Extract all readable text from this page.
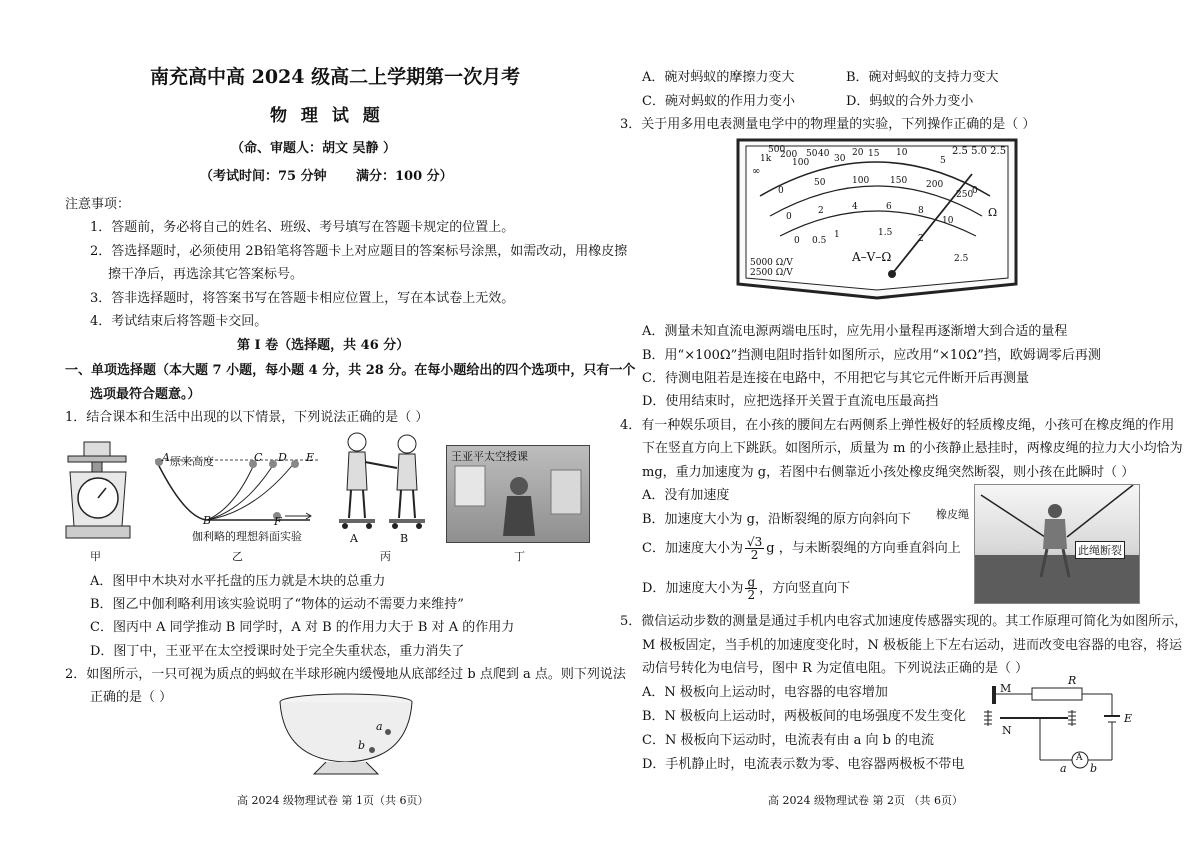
南充高中高 2024 级高二上学期第一次月考
物 理 试 题
（命、审题人：胡文 吴静 ）
（考试时间：75 分钟 满分：100 分）
注意事项：
1．答题前，务必将自己的姓名、班级、考号填写在答题卡规定的位置上。
2．答选择题时，必须使用 2B铅笔将答题卡上对应题目的答案标号涂黑，如需改动，用橡皮擦
擦干净后，再选涂其它答案标号。
3．答非选择题时，将答案书写在答题卡相应位置上，写在本试卷上无效。
4．考试结束后将答题卡交回。
第 I 卷（选择题，共 46 分）
一、单项选择题（本大题 7 小题，每小题 4 分，共 28 分。在每小题给出的四个选项中，只有一个
选项最符合题意。）
1．结合课本和生活中出现的以下情景，下列说法正确的是（ ）
甲
A 原来高度	C D E
B	F
伽利略的理想斜面实验
乙
A	B
丙
王亚平太空授课
丁
A．图甲中木块对水平托盘的压力就是木块的总重力
B．图乙中伽利略利用该实验说明了“物体的运动不需要力来维持”
C．图丙中 A 同学推动 B 同学时，A 对 B 的作用力大于 B 对 A 的作用力
D．图丁中，王亚平在太空授课时处于完全失重状态，重力消失了
2．如图所示，一只可视为质点的蚂蚁在半球形碗内缓慢地从底部经过 b 点爬到 a 点。则下列说法
正确的是（ ）
a
b
高 2024 级物理试卷 第 1页（共 6页）
A．碗对蚂蚁的摩擦力变大	B．碗对蚂蚁的支持力变大
C．碗对蚂蚁的作用力变小	D．蚂蚁的合外力变小
3．关于用多用电表测量电学中的物理量的实验，下列操作正确的是（ ）
∞
1k
500
200
100
50 40 30
20 15 10
5
0
2.5 5.0 2.5
Ω
0
50	100 150 200
250
0
2	4	6	8
10
0 0.5
1	1.5
2
2.5
A–V–Ω
5000 Ω/V
2500 Ω/V
A．测量未知直流电源两端电压时，应先用小量程再逐渐增大到合适的量程
B．用“×100Ω”挡测电阻时指针如图所示，应改用“×10Ω”挡，欧姆调零后再测
C．待测电阻若是连接在电路中，不用把它与其它元件断开后再测量
D．使用结束时，应把选择开关置于直流电压最高挡
4．有一种娱乐项目，在小孩的腰间左右两侧系上弹性极好的轻质橡皮绳，小孩可在橡皮绳的作用
下在竖直方向上下跳跃。如图所示，质量为 m 的小孩静止悬挂时，两橡皮绳的拉力大小均恰为
mg，重力加速度为 g，若图中右侧靠近小孩处橡皮绳突然断裂，则小孩在此瞬时（ ）
A．没有加速度
B．加速度大小为 g，沿断裂绳的原方向斜向下
C．加速度大小为 $\frac{√3}{2}$ g ，与未断裂绳的方向垂直斜向上
D．加速度大小为 $\frac{g}{2}$ ，方向竖直向下
此绳断裂
橡皮绳
5．微信运动步数的测量是通过手机内电容式加速度传感器实现的。其工作原理可简化为如图所示，
M 极板固定，当手机的加速度变化时，N 极板能上下左右运动，进而改变电容器的电容，将运
动信号转化为电信号，图中 R 为定值电阻。下列说法正确的是（ ）
A．N 极板向上运动时，电容器的电容增加
B．N 极板向上运动时，两极板间的电场强度不发生变化
C．N 极板向下运动时，电流表有由 a 向 b 的电流
D．手机静止时，电流表示数为零、电容器两极板不带电
M
R
E
N
A
a b
高 2024 级物理试卷 第 2页 （共 6页）
